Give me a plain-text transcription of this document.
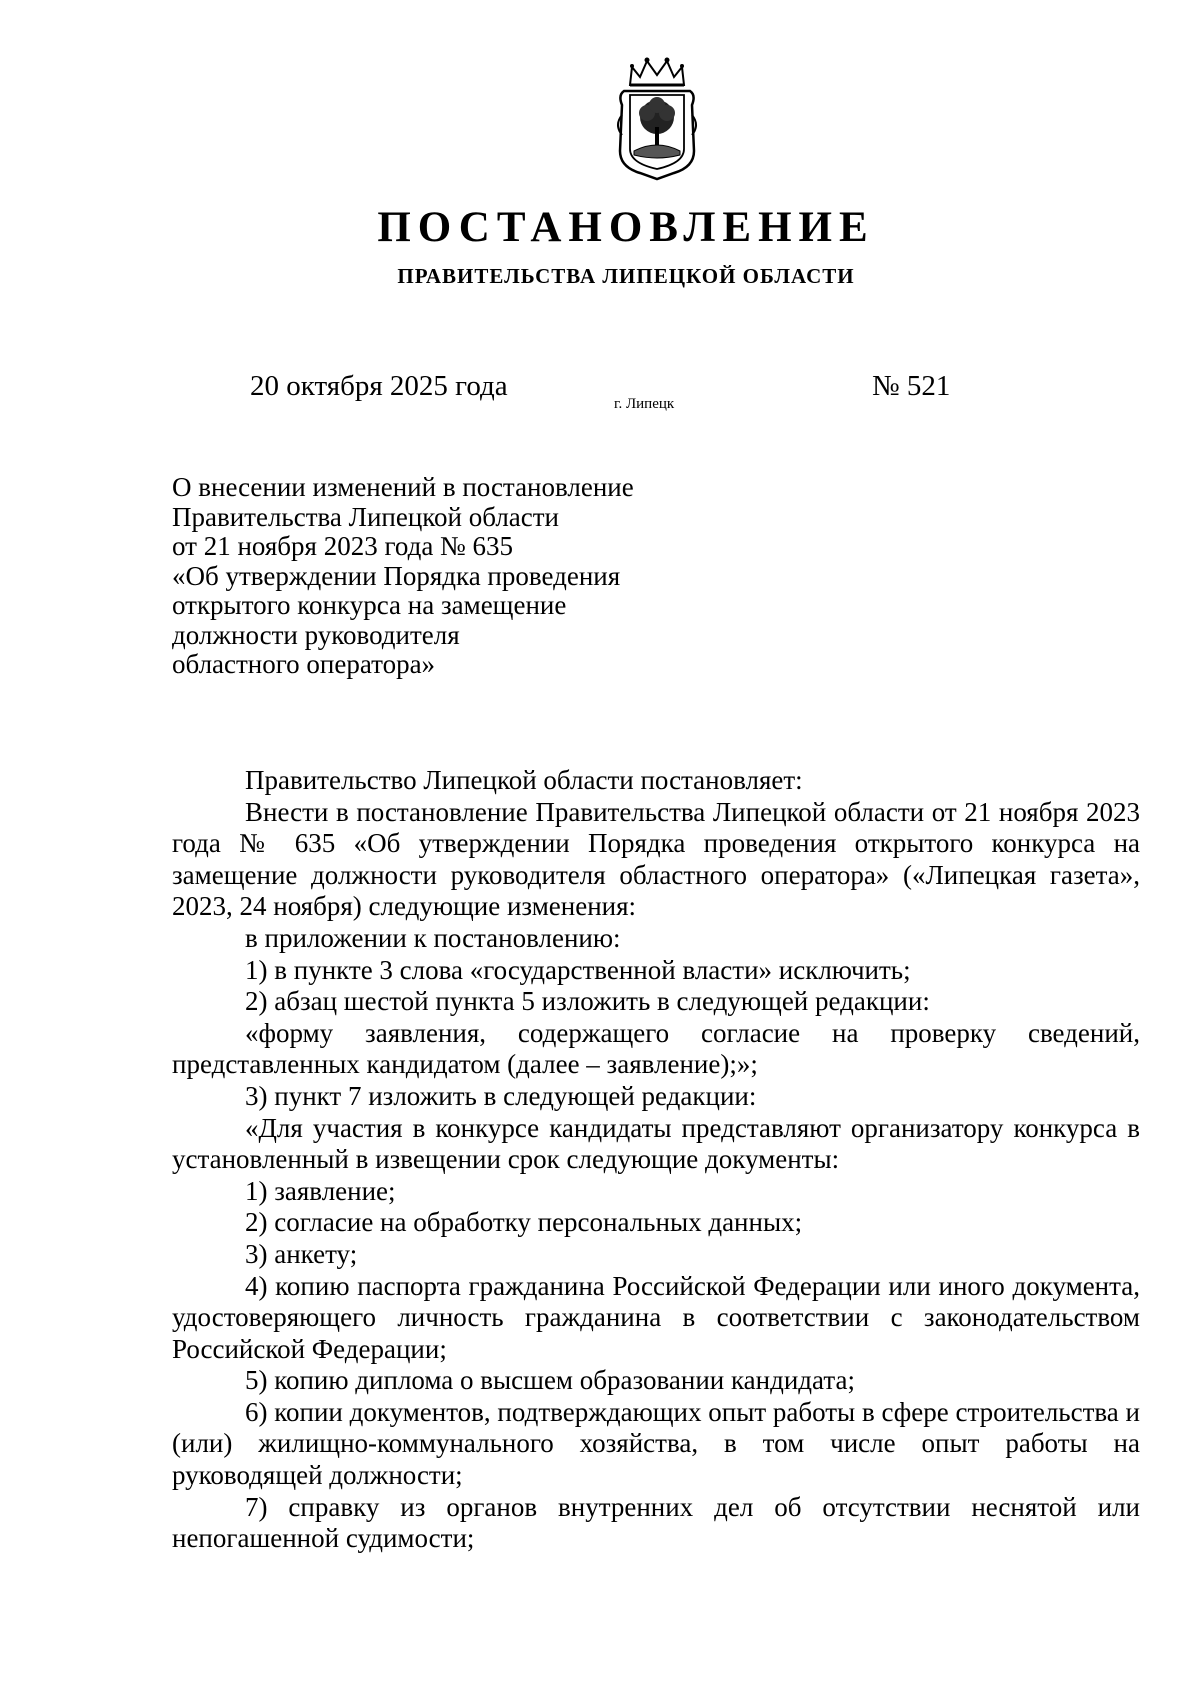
ПОСТАНОВЛЕНИЕ
ПРАВИТЕЛЬСТВА ЛИПЕЦКОЙ ОБЛАСТИ
20 октября 2025 года
г. Липецк
№ 521
О внесении изменений в постановление
Правительства Липецкой области
от 21 ноября 2023 года № 635
«Об утверждении Порядка проведения
открытого конкурса на замещение
должности руководителя
областного оператора»

Правительство Липецкой области постановляет:

Внести в постановление Правительства Липецкой области от 21 ноября 2023 года № 635 «Об утверждении Порядка проведения открытого конкурса на замещение должности руководителя областного оператора» («Липецкая газета», 2023, 24 ноября) следующие изменения:

в приложении к постановлению:

1) в пункте 3 слова «государственной власти» исключить;

2) абзац шестой пункта 5 изложить в следующей редакции:

«форму заявления, содержащего согласие на проверку сведений, представленных кандидатом (далее – заявление);»;

3) пункт 7 изложить в следующей редакции:

«Для участия в конкурсе кандидаты представляют организатору конкурса в установленный в извещении срок следующие документы:

1) заявление;

2) согласие на обработку персональных данных;

3) анкету;

4) копию паспорта гражданина Российской Федерации или иного документа, удостоверяющего личность гражданина в соответствии с законодательством Российской Федерации;

5) копию диплома о высшем образовании кандидата;

6) копии документов, подтверждающих опыт работы в сфере строительства и (или) жилищно-коммунального хозяйства, в том числе опыт работы на руководящей должности;

7) справку из органов внутренних дел об отсутствии неснятой или непогашенной судимости;
